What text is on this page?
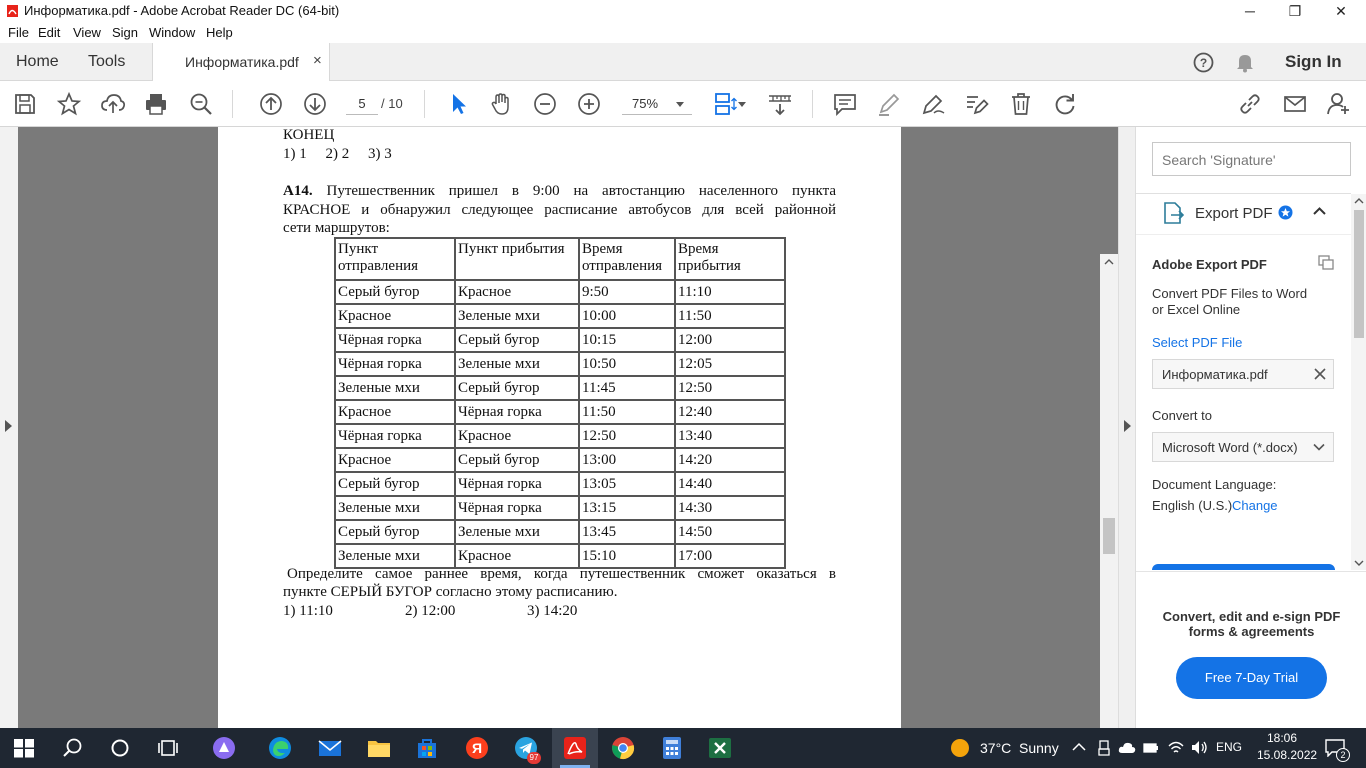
Информатика.pdf - Adobe Acrobat Reader DC (64-bit)	─	❐ ✕
File Edit View Sign Window Help
Home Tools	Информатика.pdf ×	?	Sign In
5	/ 10	75%
КОНЕЦ
1) 1     2) 2     3) 3
А14. Путешественник пришел в 9:00 на автостанцию населенного пункта
КРАСНОЕ и обнаружил следующее расписание автобусов для всей районной
сети маршрутов:
Пункт отправления	Пункт прибытия	Время отправления	Время прибытия
Серый бугор	Красное	9:50	11:10
Красное	Зеленые мхи	10:00	11:50
Чёрная горка	Серый бугор	10:15	12:00
Чёрная горка	Зеленые мхи	10:50	12:05
Зеленые мхи	Серый бугор	11:45	12:50
Красное	Чёрная горка	11:50	12:40
Чёрная горка	Красное	12:50	13:40
Красное	Серый бугор	13:00	14:20
Серый бугор	Чёрная горка	13:05	14:40
Зеленые мхи	Чёрная горка	13:15	14:30
Серый бугор	Зеленые мхи	13:45	14:50
Зеленые мхи	Красное	15:10	17:00
Определите самое раннее время, когда путешественник сможет оказаться в
пункте СЕРЫЙ БУГОР согласно этому расписанию.
1) 11:10	2) 12:00	3) 14:20
Search 'Signature'
Export PDF
Adobe Export PDF
Convert PDF Files to Word
or Excel Online
Select PDF File
Информатика.pdf
Convert to
Microsoft Word (*.docx)
Document Language:
English (U.S.) Change
Convert, edit and e-sign PDF
forms & agreements
Free 7-Day Trial
Я
97
37°C Sunny	ENG
18:06
15.08.2022	2
